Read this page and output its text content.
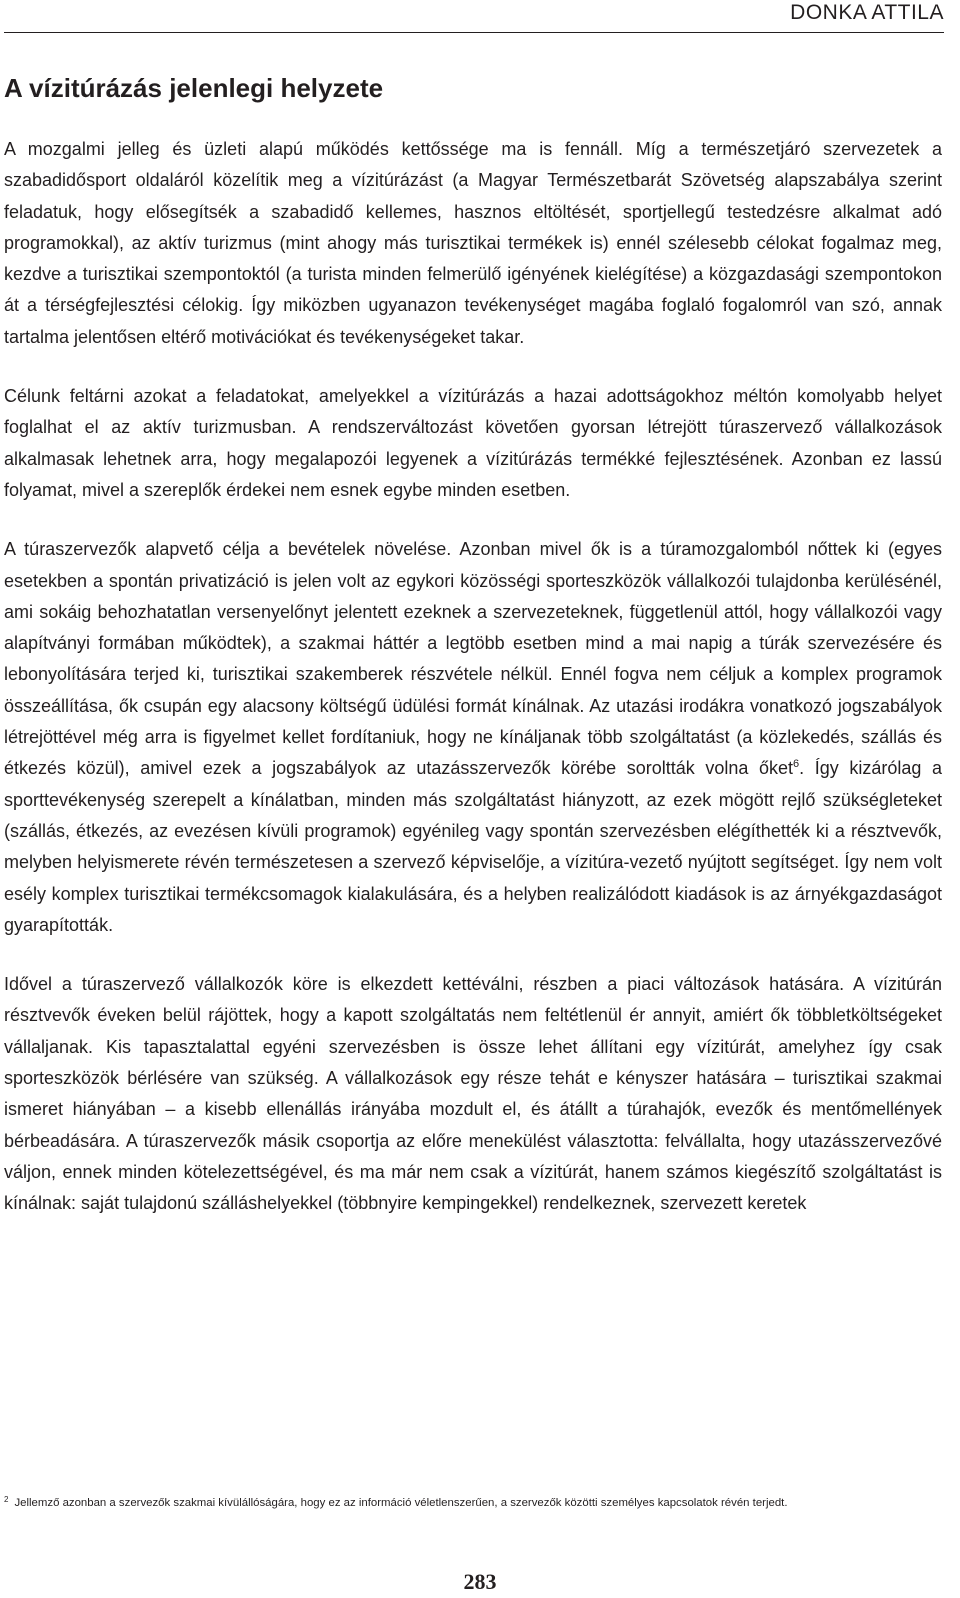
DONKA ATTILA
A vízitúrázás jelenlegi helyzete

A mozgalmi jelleg és üzleti alapú működés kettőssége ma is fennáll. Míg a természetjáró szervezetek a szabadidősport oldaláról közelítik meg a vízitúrázást (a Magyar Természetbarát Szövetség alapszabálya szerint feladatuk, hogy elősegítsék a szabadidő kellemes, hasznos eltöltését, sportjellegű testedzésre alkalmat adó programokkal), az aktív turizmus (mint ahogy más turisztikai termékek is) ennél szélesebb célokat fogalmaz meg, kezdve a turisztikai szempontoktól (a turista minden felmerülő igényének kielégítése) a közgazdasági szempontokon át a térségfejlesztési célokig. Így miközben ugyanazon tevékenységet magába foglaló fogalomról van szó, annak tartalma jelentősen eltérő motivációkat és tevékenységeket takar.

Célunk feltárni azokat a feladatokat, amelyekkel a vízitúrázás a hazai adottságokhoz méltón komolyabb helyet foglalhat el az aktív turizmusban. A rendszerváltozást követően gyorsan létrejött túraszervező vállalkozások alkalmasak lehetnek arra, hogy megalapozói legyenek a vízitúrázás termékké fejlesztésének. Azonban ez lassú folyamat, mivel a szereplők érdekei nem esnek egybe minden esetben.

A túraszervezők alapvető célja a bevételek növelése. Azonban mivel ők is a túramozgalomból nőttek ki (egyes esetekben a spontán privatizáció is jelen volt az egykori közösségi sporteszközök vállalkozói tulajdonba kerülésénél, ami sokáig behozhatatlan versenyelőnyt jelentett ezeknek a szervezeteknek, függetlenül attól, hogy vállalkozói vagy alapítványi formában működtek), a szakmai háttér a legtöbb esetben mind a mai napig a túrák szervezésére és lebonyolítására terjed ki, turisztikai szakemberek részvétele nélkül. Ennél fogva nem céljuk a komplex programok összeállítása, ők csupán egy alacsony költségű üdülési formát kínálnak. Az utazási irodákra vonatkozó jogszabályok létrejöttével még arra is figyelmet kellet fordítaniuk, hogy ne kínáljanak több szolgáltatást (a közlekedés, szállás és étkezés közül), amivel ezek a jogszabályok az utazásszervezők körébe soroltták volna őket$^6$. Így kizárólag a sporttevékenység szerepelt a kínálatban, minden más szolgáltatást hiányzott, az ezek mögött rejlő szükségleteket (szállás, étkezés, az evezésen kívüli programok) egyénileg vagy spontán szervezésben elégíthették ki a résztvevők, melyben helyismerete révén természetesen a szervező képviselője, a vízitúra-vezető nyújtott segítséget. Így nem volt esély komplex turisztikai termékcsomagok kialakulására, és a helyben realizálódott kiadások is az árnyékgazdaságot gyarapították.

Idővel a túraszervező vállalkozók köre is elkezdett kettéválni, részben a piaci változások hatására. A vízitúrán résztvevők éveken belül rájöttek, hogy a kapott szolgáltatás nem feltétlenül ér annyit, amiért ők többletköltségeket vállaljanak. Kis tapasztalattal egyéni szervezésben is össze lehet állítani egy vízitúrát, amelyhez így csak sporteszközök bérlésére van szükség. A vállalkozások egy része tehát e kényszer hatására – turisztikai szakmai ismeret hiányában – a kisebb ellenállás irányába mozdult el, és átállt a túrahajók, evezők és mentőmellények bérbeadására. A túraszervezők másik csoportja az előre menekülést választotta: felvállalta, hogy utazásszervezővé váljon, ennek minden kötelezettségével, és ma már nem csak a vízitúrát, hanem számos kiegészítő szolgáltatást is kínálnak: saját tulajdonú szálláshelyekkel (többnyire kempingekkel) rendelkeznek, szervezett keretek

$^2$ Jellemző azonban a szervezők szakmai kívülállóságára, hogy ez az információ véletlenszerűen, a szervezők közötti személyes kapcsolatok révén terjedt.
283
